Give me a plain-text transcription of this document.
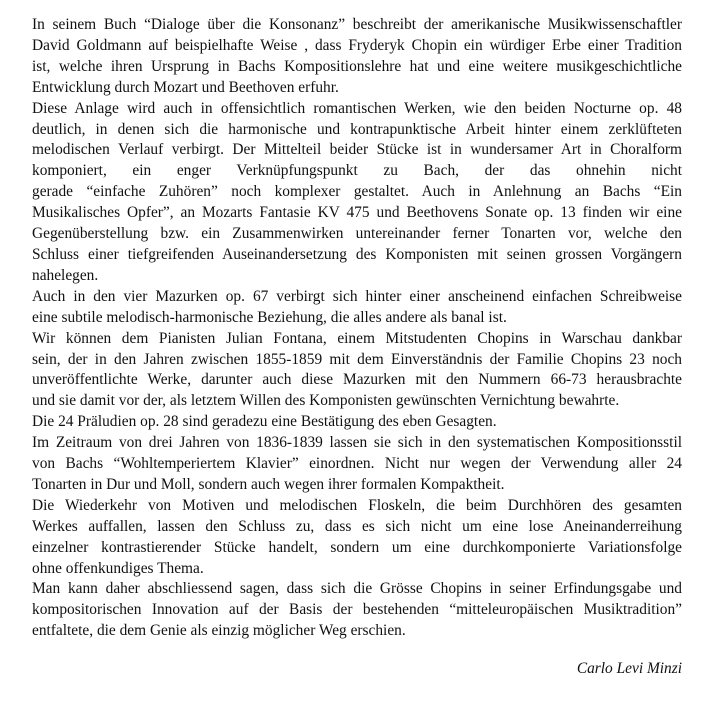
In seinem Buch “Dialoge über die Konsonanz” beschreibt der amerikanische Musikwissenschaftler
David Goldmann auf beispielhafte Weise , dass Fryderyk Chopin ein würdiger Erbe einer Tradition
ist, welche ihren Ursprung in Bachs Kompositionslehre hat und eine weitere musikgeschichtliche
Entwicklung durch Mozart und Beethoven erfuhr.

Diese Anlage wird auch in offensichtlich romantischen Werken, wie den beiden Nocturne op. 48
deutlich, in denen sich die harmonische und kontrapunktische Arbeit hinter einem zerklüfteten
melodischen Verlauf verbirgt. Der Mittelteil beider Stücke ist in wundersamer Art in Choralform
komponiert, ein enger Verknüpfungspunkt zu Bach, der das ohnehin nicht
gerade “einfache Zuhören” noch komplexer gestaltet. Auch in Anlehnung an Bachs “Ein
Musikalisches Opfer”, an Mozarts Fantasie KV 475 und Beethovens Sonate op. 13 finden wir eine
Gegenüberstellung bzw. ein Zusammenwirken untereinander ferner Tonarten vor, welche den
Schluss einer tiefgreifenden Auseinandersetzung des Komponisten mit seinen grossen Vorgängern
nahelegen.

Auch in den vier Mazurken op. 67 verbirgt sich hinter einer anscheinend einfachen Schreibweise
eine subtile melodisch-harmonische Beziehung, die alles andere als banal ist.

Wir können dem Pianisten Julian Fontana, einem Mitstudenten Chopins in Warschau dankbar
sein, der in den Jahren zwischen 1855-1859 mit dem Einverständnis der Familie Chopins 23 noch
unveröffentlichte Werke, darunter auch diese Mazurken mit den Nummern 66-73 herausbrachte
und sie damit vor der, als letztem Willen des Komponisten gewünschten Vernichtung bewahrte.

Die 24 Präludien op. 28 sind geradezu eine Bestätigung des eben Gesagten.

Im Zeitraum von drei Jahren von 1836-1839 lassen sie sich in den systematischen Kompositionsstil
von Bachs “Wohltemperiertem Klavier” einordnen. Nicht nur wegen der Verwendung aller 24
Tonarten in Dur und Moll, sondern auch wegen ihrer formalen Kompaktheit.

Die Wiederkehr von Motiven und melodischen Floskeln, die beim Durchhören des gesamten
Werkes auffallen, lassen den Schluss zu, dass es sich nicht um eine lose Aneinanderreihung
einzelner kontrastierender Stücke handelt, sondern um eine durchkomponierte Variationsfolge
ohne offenkundiges Thema.

Man kann daher abschliessend sagen, dass sich die Grösse Chopins in seiner Erfindungsgabe und
kompositorischen Innovation auf der Basis der bestehenden “mitteleuropäischen Musiktradition”
entfaltete, die dem Genie als einzig möglicher Weg erschien.

Carlo Levi Minzi
